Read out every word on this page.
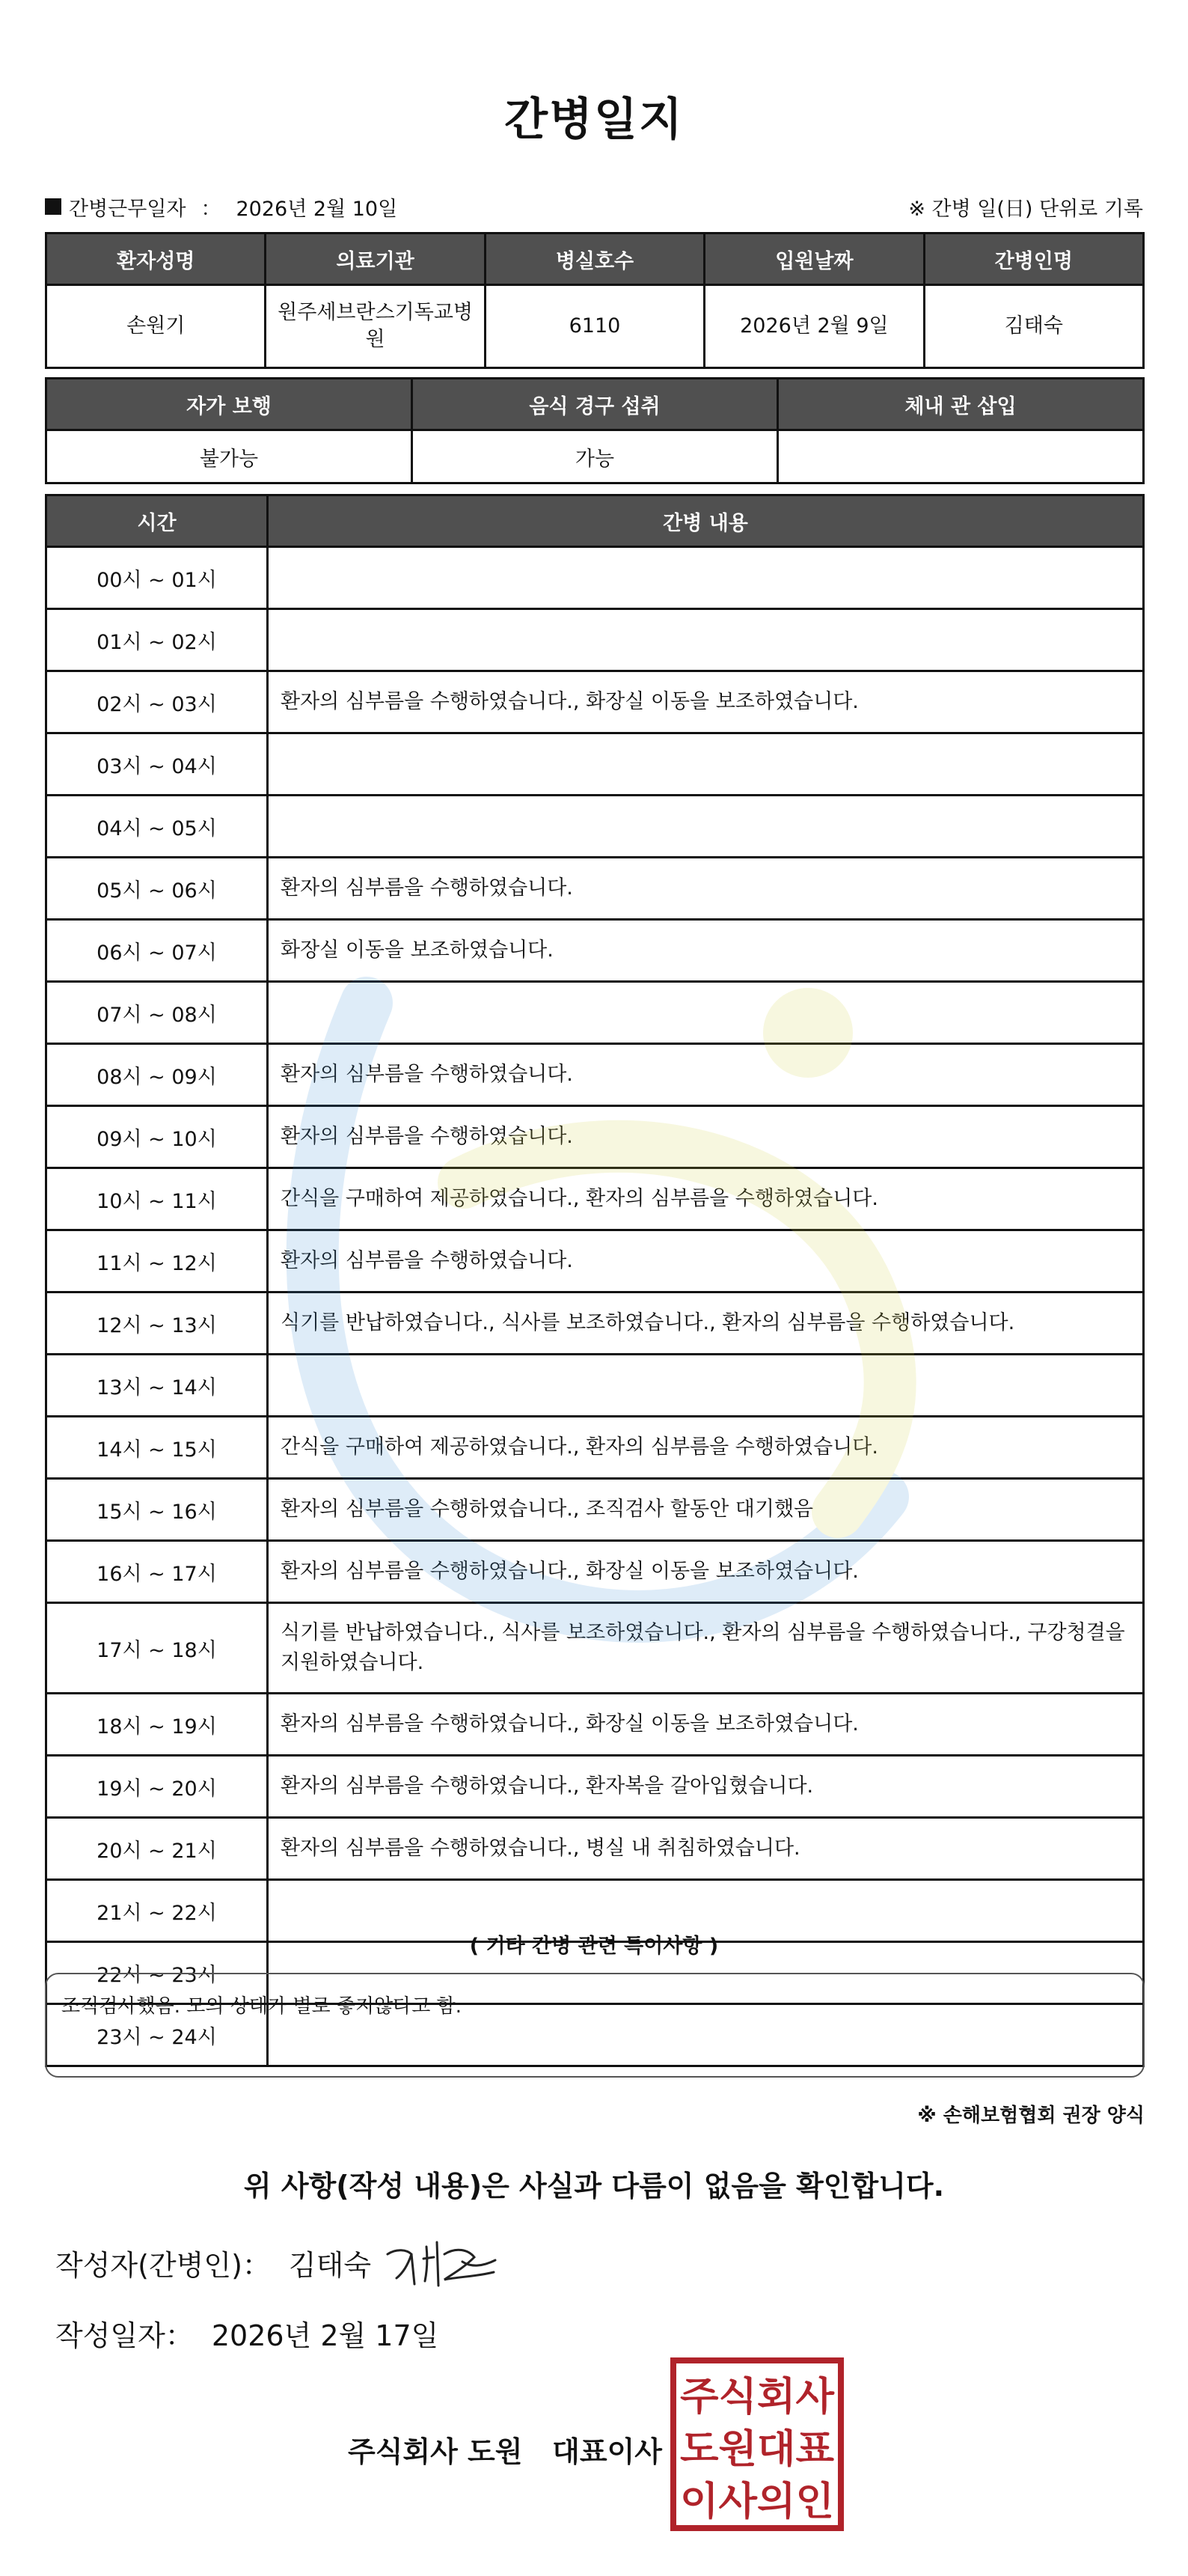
간병일지
간병근무일자 ： 2026년 2월 10일	※ 간병 일(日) 단위로 기록
환자성명	의료기관	병실호수	입원날짜	간병인명
손원기	원주세브란스기독교병원	6110	2026년 2월 9일	김태숙
자가 보행	음식 경구 섭취	체내 관 삽입
불가능	가능	
시간	간병 내용
00시 ~ 01시	
01시 ~ 02시	
02시 ~ 03시	환자의 심부름을 수행하였습니다., 화장실 이동을 보조하였습니다.
03시 ~ 04시	
04시 ~ 05시	
05시 ~ 06시	환자의 심부름을 수행하였습니다.
06시 ~ 07시	화장실 이동을 보조하였습니다.
07시 ~ 08시	
08시 ~ 09시	환자의 심부름을 수행하였습니다.
09시 ~ 10시	환자의 심부름을 수행하였습니다.
10시 ~ 11시	간식을 구매하여 제공하였습니다., 환자의 심부름을 수행하였습니다.
11시 ~ 12시	환자의 심부름을 수행하였습니다.
12시 ~ 13시	식기를 반납하였습니다., 식사를 보조하였습니다., 환자의 심부름을 수행하였습니다.
13시 ~ 14시	
14시 ~ 15시	간식을 구매하여 제공하였습니다., 환자의 심부름을 수행하였습니다.
15시 ~ 16시	환자의 심부름을 수행하였습니다., 조직검사 할동안 대기했음
16시 ~ 17시	환자의 심부름을 수행하였습니다., 화장실 이동을 보조하였습니다.
17시 ~ 18시	식기를 반납하였습니다., 식사를 보조하였습니다., 환자의 심부름을 수행하였습니다., 구강청결을 지원하였습니다.
18시 ~ 19시	환자의 심부름을 수행하였습니다., 화장실 이동을 보조하였습니다.
19시 ~ 20시	환자의 심부름을 수행하였습니다., 환자복을 갈아입혔습니다.
20시 ~ 21시	환자의 심부름을 수행하였습니다., 병실 내 취침하였습니다.
21시 ~ 22시	
22시 ~ 23시	
23시 ~ 24시	
( 기타 간병 관련 특이사항 )
조직검사했음. 모의 상태가 별로 좋지않다고 함.
※ 손해보험협회 권장 양식
위 사항(작성 내용)은 사실과 다름이 없음을 확인합니다.
작성자(간병인)： 김태숙
작성일자： 2026년 2월 17일
주식회사 도원   대표이사
주식회사
도원대표
이사의인
